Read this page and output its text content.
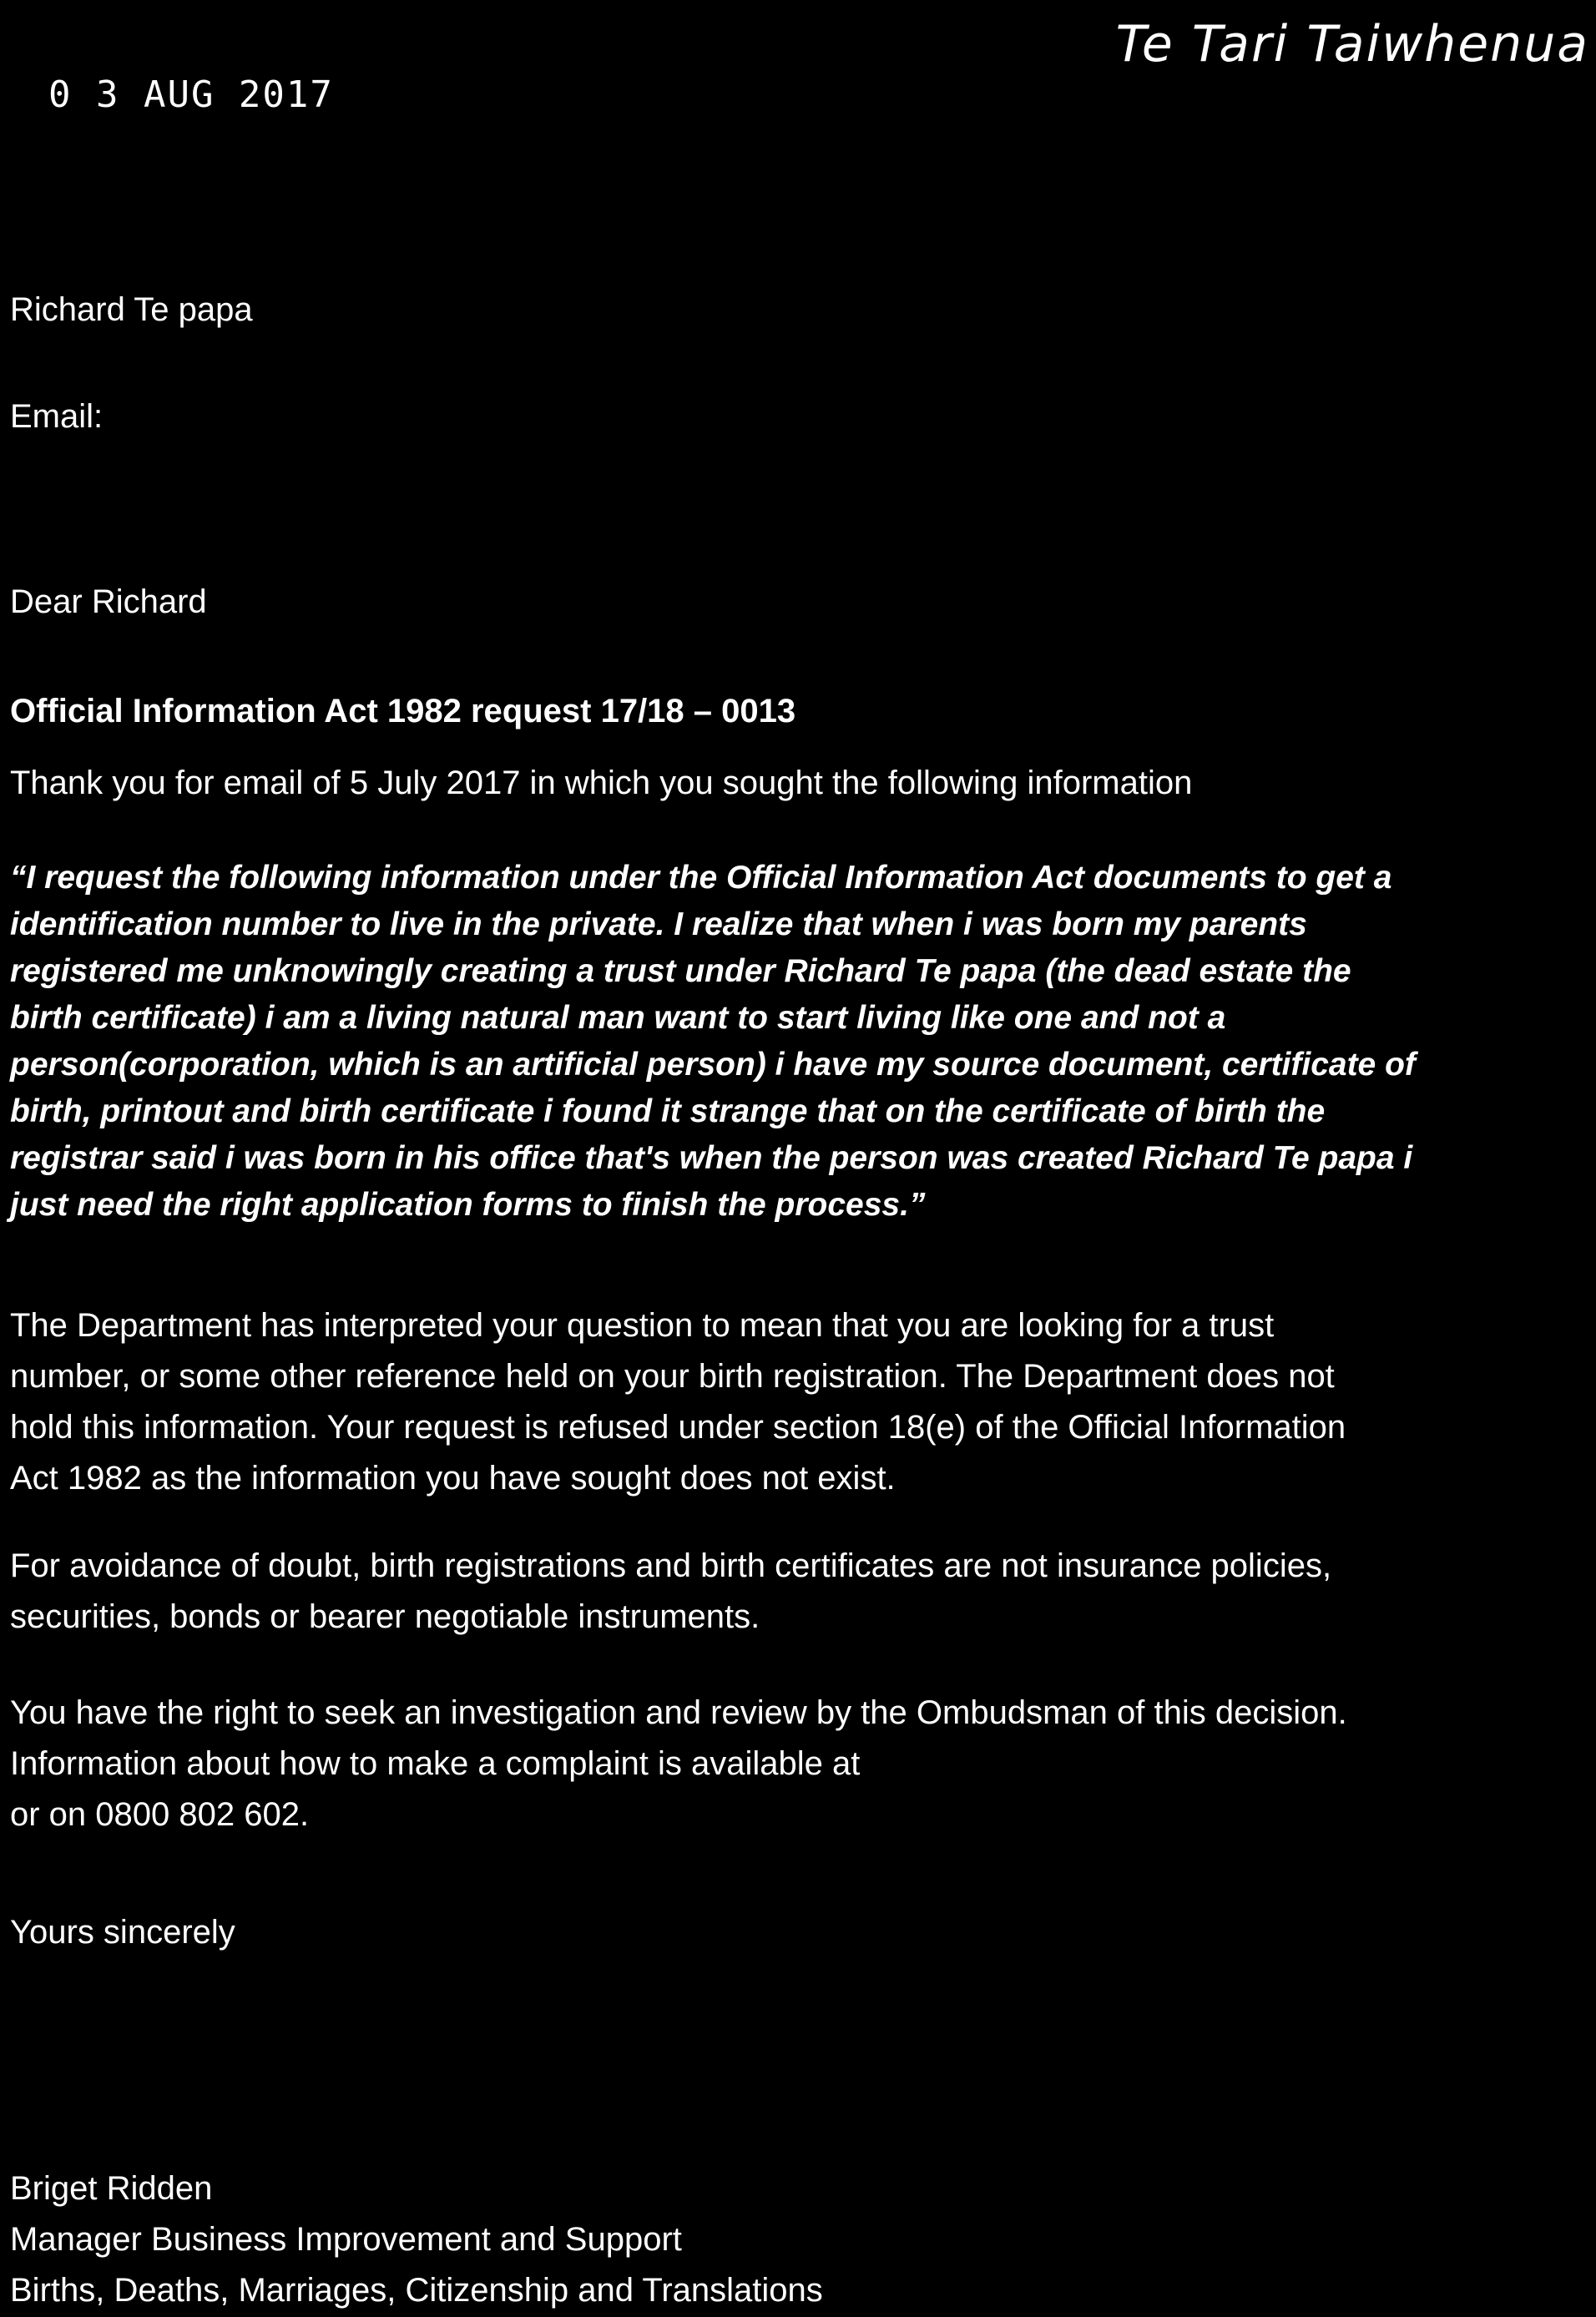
Te Tari Taiwhenua
0 3 AUG 2017
Richard Te papa
Email:
Dear Richard
Official Information Act 1982 request 17/18 – 0013
Thank you for email of 5 July 2017 in which you sought the following information

“I request the following information under the Official Information Act documents to get a

identification number to live in the private. I realize that when i was born my parents

registered me unknowingly creating a trust under Richard Te papa (the dead estate the

birth certificate) i am a living natural man want to start living like one and not a

person(corporation, which is an artificial person) i have my source document, certificate of

birth, printout and birth certificate i found it strange that on the certificate of birth the

registrar said i was born in his office that's when the person was created Richard Te papa i

just need the right application forms to finish the process.”

The Department has interpreted your question to mean that you are looking for a trust

number, or some other reference held on your birth registration. The Department does not

hold this information. Your request is refused under section 18(e) of the Official Information

Act 1982 as the information you have sought does not exist.

For avoidance of doubt, birth registrations and birth certificates are not insurance policies,

securities, bonds or bearer negotiable instruments.

You have the right to seek an investigation and review by the Ombudsman of this decision.

Information about how to make a complaint is available at

or on 0800 802 602.

Yours sincerely

Briget Ridden

Manager Business Improvement and Support

Births, Deaths, Marriages, Citizenship and Translations
